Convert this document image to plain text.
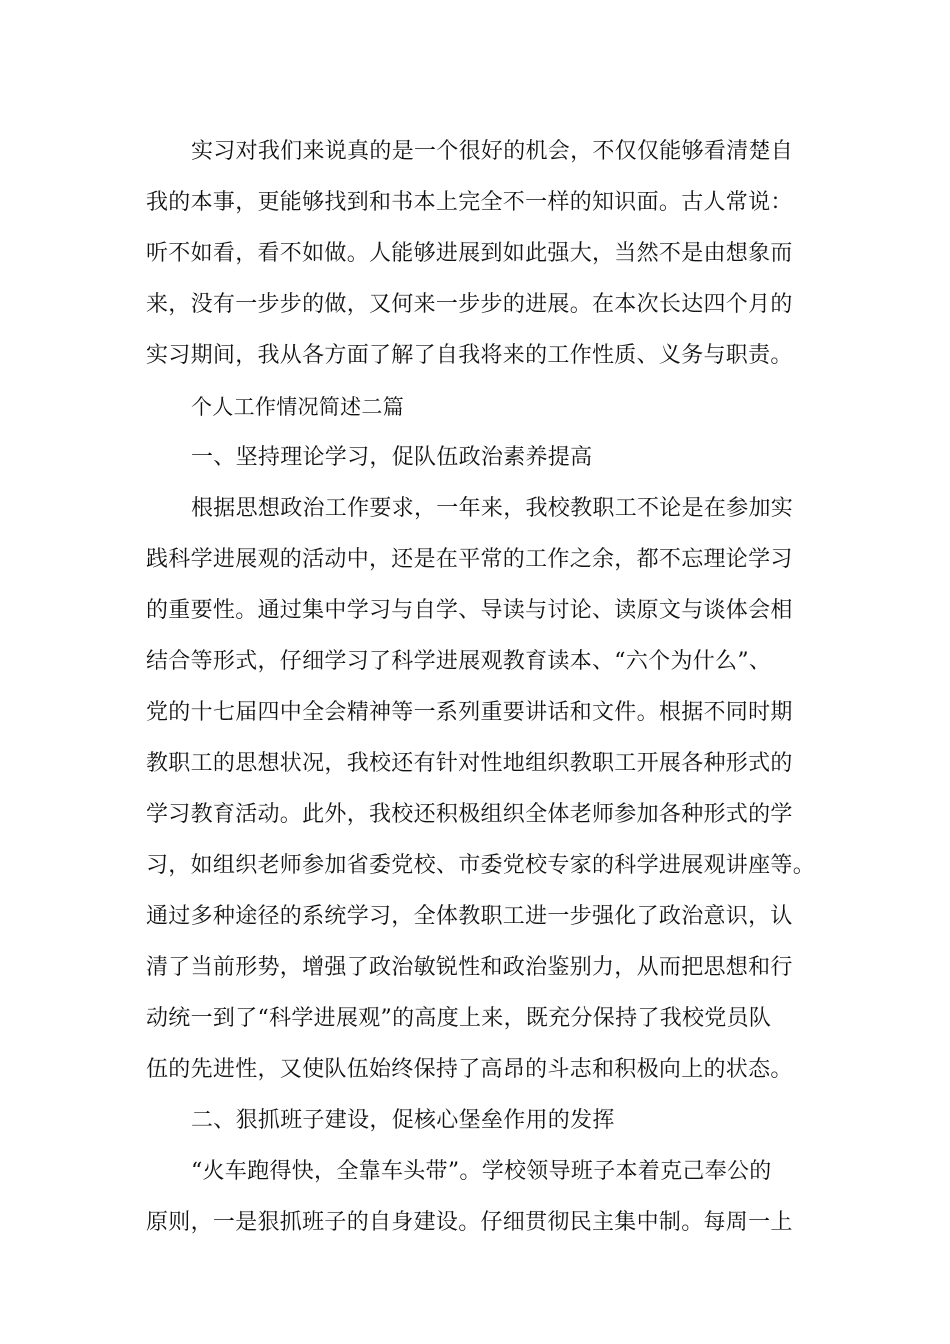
实习对我们来说真的是一个很好的机会，不仅仅能够看清楚自

我的本事，更能够找到和书本上完全不一样的知识面。古人常说：

听不如看，看不如做。人能够进展到如此强大，当然不是由想象而

来，没有一步步的做，又何来一步步的进展。在本次长达四个月的

实习期间，我从各方面了解了自我将来的工作性质、义务与职责。

个人工作情况简述二篇

一、坚持理论学习，促队伍政治素养提高

根据思想政治工作要求，一年来，我校教职工不论是在参加实

践科学进展观的活动中，还是在平常的工作之余，都不忘理论学习

的重要性。通过集中学习与自学、导读与讨论、读原文与谈体会相

结合等形式，仔细学习了科学进展观教育读本、“六个为什么”、

党的十七届四中全会精神等一系列重要讲话和文件。根据不同时期

教职工的思想状况，我校还有针对性地组织教职工开展各种形式的

学习教育活动。此外，我校还积极组织全体老师参加各种形式的学

习，如组织老师参加省委党校、市委党校专家的科学进展观讲座等。

通过多种途径的系统学习，全体教职工进一步强化了政治意识，认

清了当前形势，增强了政治敏锐性和政治鉴别力，从而把思想和行

动统一到了“科学进展观”的高度上来，既充分保持了我校党员队

伍的先进性，又使队伍始终保持了高昂的斗志和积极向上的状态。

二、狠抓班子建设，促核心堡垒作用的发挥

“火车跑得快，全靠车头带”。学校领导班子本着克己奉公的

原则，一是狠抓班子的自身建设。仔细贯彻民主集中制。每周一上
